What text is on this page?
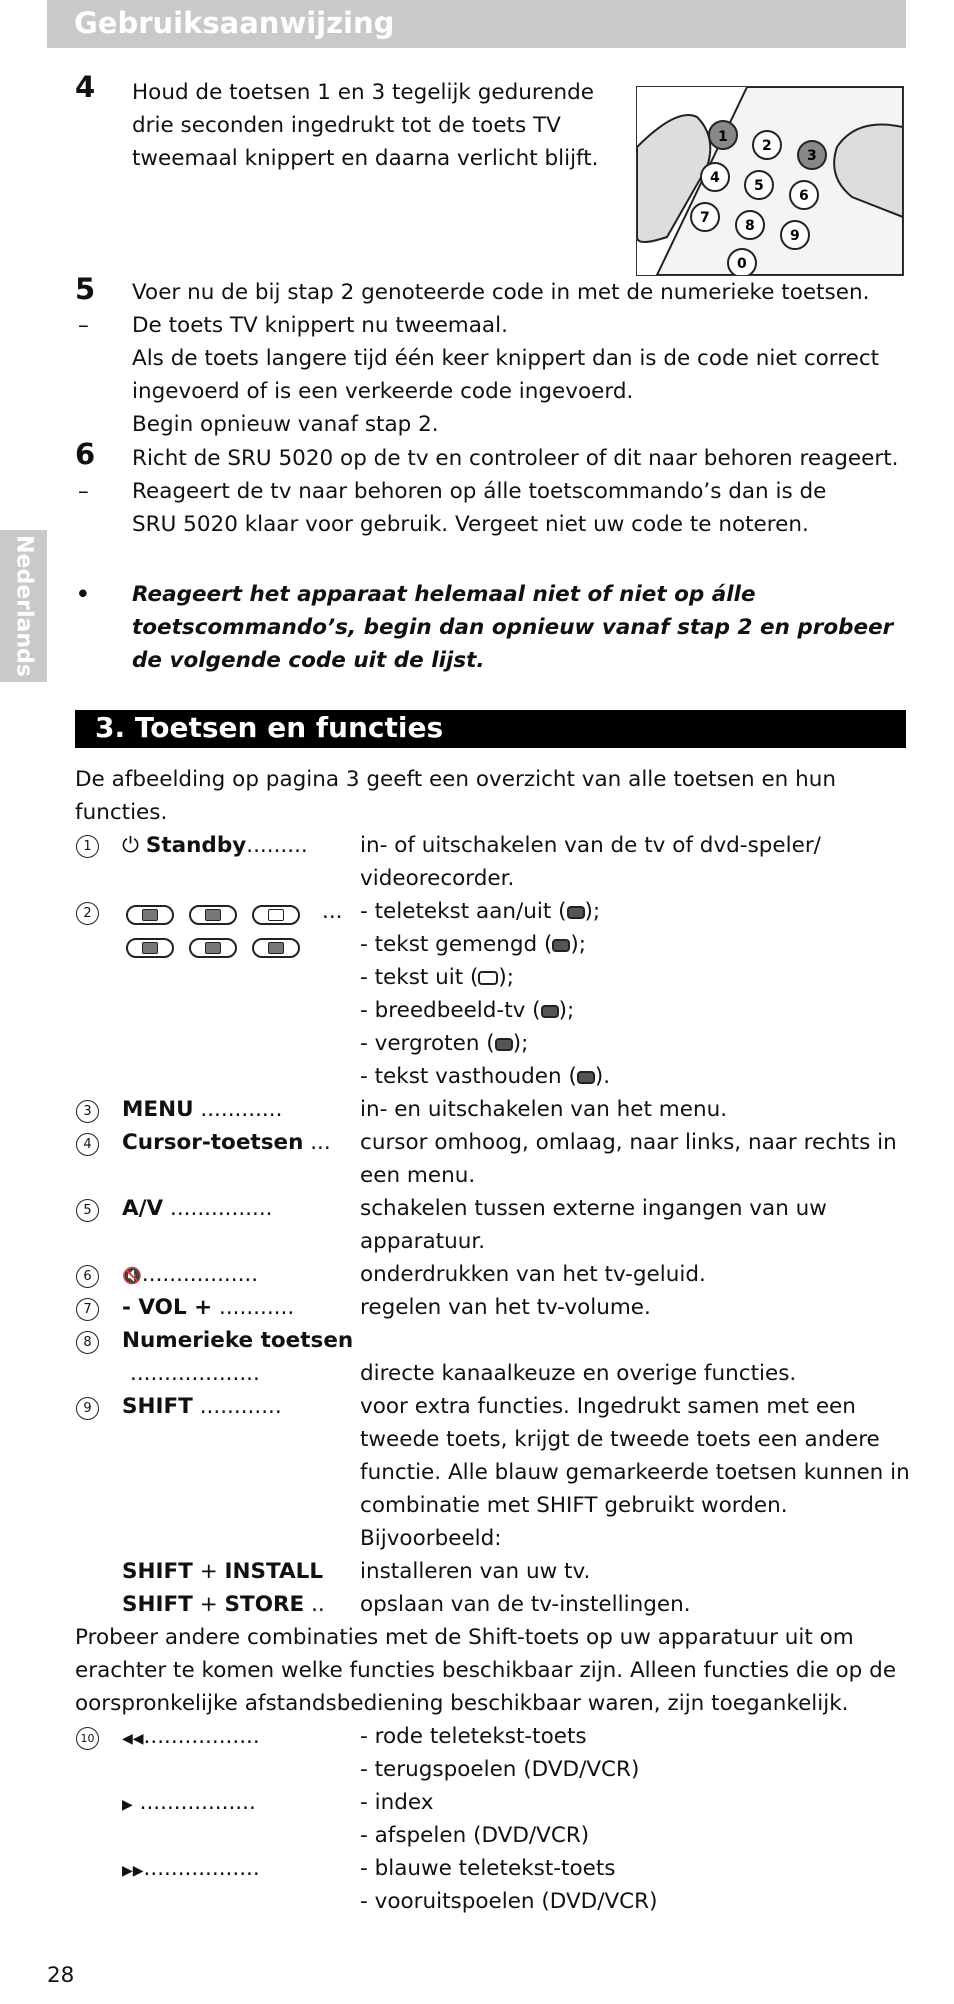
Gebruiksaanwijzing
Nederlands
4 Houd de toetsen 1 en 3 tegelijk gedurende
drie seconden ingedrukt tot de toets TV
tweemaal knippert en daarna verlicht blijft.
1
2
3
4 5
6
7	8
9
0
5 Voer nu de bij stap 2 genoteerde code in met de numerieke toetsen.
– De toets TV knippert nu tweemaal.
Als de toets langere tijd één keer knippert dan is de code niet correct
ingevoerd of is een verkeerde code ingevoerd.
Begin opnieuw vanaf stap 2.
6 Richt de SRU 5020 op de tv en controleer of dit naar behoren reageert.
– Reageert de tv naar behoren op álle toetscommando’s dan is de
SRU 5020 klaar voor gebruik. Vergeet niet uw code te noteren.
• Reageert het apparaat helemaal niet of niet op álle
toetscommando’s, begin dan opnieuw vanaf stap 2 en probeer
de volgende code uit de lijst.
3. Toetsen en functies
De afbeelding op pagina 3 geeft een overzicht van alle toetsen en hun
functies.
1	⏻ Standby......... in- of uitschakelen van de tv of dvd-speler/
videorecorder.
2	... - teletekst aan/uit ( );
- tekst gemengd ( );
- tekst uit ( );
- breedbeeld-tv ( );
- vergroten ( );
- tekst vasthouden ( ).
3	MENU ............	in- en uitschakelen van het menu.
4	Cursor-toetsen ... cursor omhoog, omlaag, naar links, naar rechts in
een menu.
5	A/V ...............	schakelen tussen externe ingangen van uw
apparatuur.
6	🔇.................	onderdrukken van het tv-geluid.
7	- VOL + ...........	regelen van het tv-volume.
8	Numerieke toetsen
...................	directe kanaalkeuze en overige functies.
9	SHIFT ............	voor extra functies. Ingedrukt samen met een
tweede toets, krijgt de tweede toets een andere
functie. Alle blauw gemarkeerde toetsen kunnen in
combinatie met SHIFT gebruikt worden.
Bijvoorbeeld:
SHIFT + INSTALL installeren van uw tv.
SHIFT + STORE .. opslaan van de tv-instellingen.
Probeer andere combinaties met de Shift-toets op uw apparatuur uit om
erachter te komen welke functies beschikbaar zijn. Alleen functies die op de
oorspronkelijke afstandsbediening beschikbaar waren, zijn toegankelijk.
10	◀◀.................	- rode teletekst-toets
- terugspoelen (DVD/VCR)
▶ .................	- index
- afspelen (DVD/VCR)
▶▶.................	- blauwe teletekst-toets
- vooruitspoelen (DVD/VCR)
28
